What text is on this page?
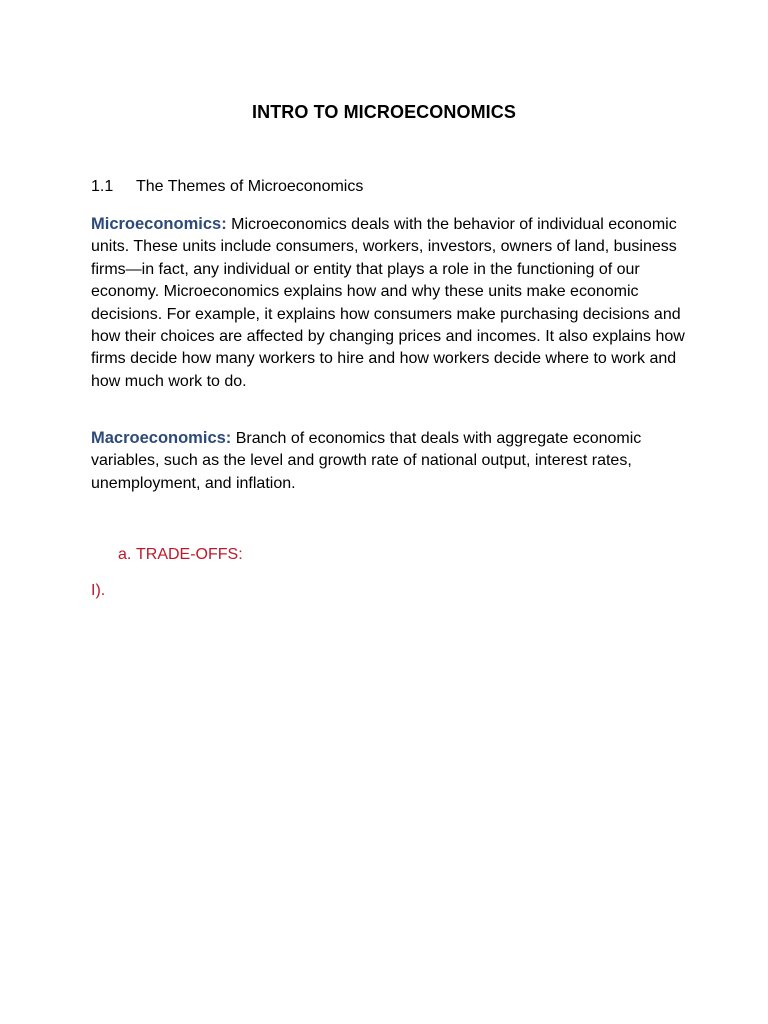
INTRO TO MICROECONOMICS
1.1 The Themes of Microeconomics
Microeconomics: Microeconomics deals with the behavior of individual economic units. These units include consumers, workers, investors, owners of land, business firms—in fact, any individual or entity that plays a role in the functioning of our economy. Microeconomics explains how and why these units make economic decisions. For example, it explains how consumers make purchasing decisions and how their choices are affected by changing prices and incomes. It also explains how firms decide how many workers to hire and how workers decide where to work and how much work to do.
Macroeconomics: Branch of economics that deals with aggregate economic variables, such as the level and growth rate of national output, interest rates, unemployment, and inflation.
a. TRADE-OFFS:
I).
